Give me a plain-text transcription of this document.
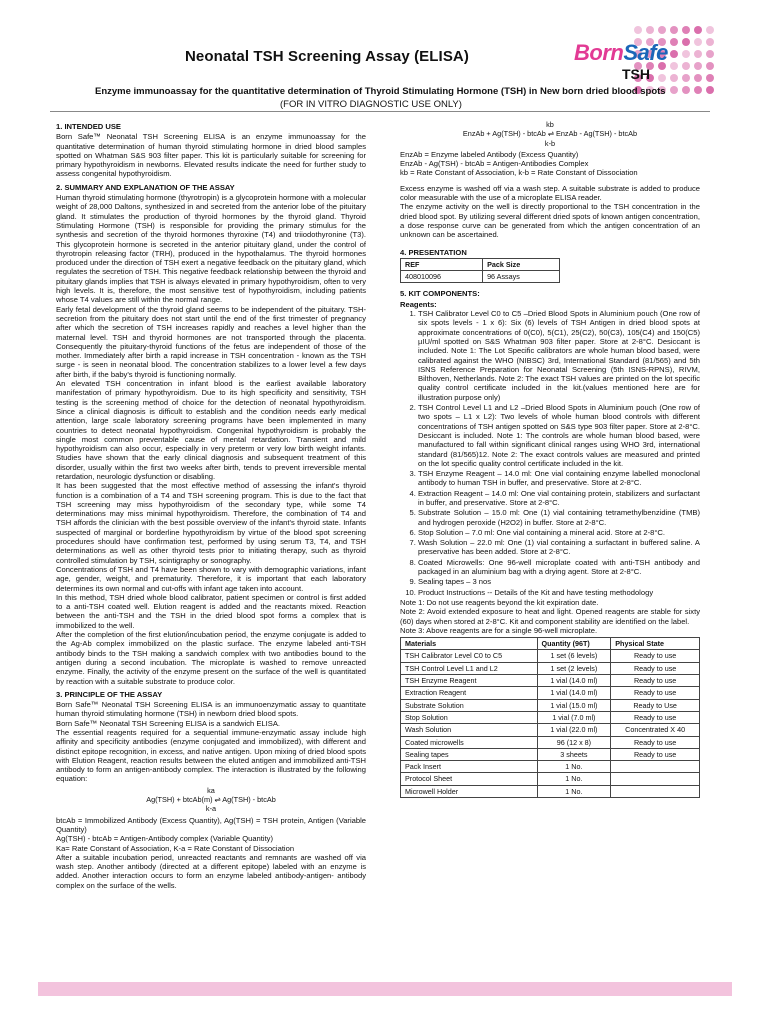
Neonatal TSH Screening Assay (ELISA)	BornSafe
TSH
Enzyme immunoassay for the quantitative determination of Thyroid Stimulating Hormone (TSH) in New born dried blood spots
(FOR IN VITRO DIAGNOSTIC USE ONLY)
1. INTENDED USE

Born Safe™ Neonatal TSH Screening ELISA is an enzyme immunoassay for the quantitative determination of human thyroid stimulating hormone in dried blood samples spotted on Whatman S&S 903 filter paper. This kit is particularly suitable for screening for primary hypothyroidism in newborns. Elevated results indicate the need for further study to assess congenital hypothyroidism.

2. SUMMARY AND EXPLANATION OF THE ASSAY

Human thyroid stimulating hormone (thyrotropin) is a glycoprotein hormone with a molecular weight of 28,000 Daltons, synthesized in and secreted from the anterior lobe of the pituitary gland. It stimulates the production of thyroid hormones by the thyroid gland. Thyroid Stimulating Hormone (TSH) is responsible for providing the primary stimulus for the synthesis and secretion of the thyroid hormones thyroxine (T4) and triiodothyronine (T3). This glycoprotein hormone is secreted in the anterior pituitary gland, under the control of thyrotropin releasing factor (TRH), produced in the hypothalamus. The thyroid hormones produced under the direction of TSH exert a negative feedback on the pituitary gland, which regulates the secretion of TSH. This negative feedback relationship between the thyroid and pituitary glands implies that TSH is always elevated in primary hypothyroidism, often to very high levels. It is, therefore, the most sensitive test of hypothyroidism, including patients whose T4 values are still within the normal range.

Early fetal development of the thyroid gland seems to be independent of the pituitary. TSH-secretion from the pituitary does not start until the end of the first trimester of pregnancy after which the secretion of TSH increases rapidly and reaches a level higher than the maternal level. TSH and thyroid hormones are not transported through the placenta. Consequently the pituitary-thyroid functions of the fetus are independent of those of the mother. Immediately after birth a rapid increase in TSH concentration - known as the TSH surge - is seen in neonatal blood. The concentration stabilizes to a lower level a few days after birth, if the baby's thyroid is functioning normally.

An elevated TSH concentration in infant blood is the earliest available laboratory manifestation of primary hypothyroidism. Due to its high specificity and sensitivity, TSH testing is the screening method of choice for the detection of neonatal hypothyroidism. Since a clinical diagnosis is difficult to establish and the condition needs early medical attention, large scale laboratory screening programs have been implemented in many countries to detect neonatal hypothyroidism. Congenital hypothyroidism is probably the single most common preventable cause of mental retardation. Transient and mild hypothyroidism can also occur, especially in very preterm or very low birth weight infants. Studies have shown that the early clinical diagnosis and subsequent treatment of this disorder, usually within the first two weeks after birth, tends to prevent irreversible mental retardation, neurologic dysfunction or disabling.

It has been suggested that the most effective method of assessing the infant's thyroid function is a combination of a T4 and TSH screening program. This is due to the fact that TSH screening may miss hypothyroidism of the secondary type, while some T4 determinations may miss minimal hypothyroidism. Therefore, the combination of T4 and TSH affords the clinician with the best possible overview of the infant's thyroid state. Infants suspected of marginal or borderline hypothyroidism by virtue of the blood spot screening procedures should have confirmation test, performed by using serum T3, T4, and TSH determinations as well as other thyroid tests prior to initiating therapy, such as thyroid controlled stimulation by TSH, scintigraphy or sonography.

Concentrations of TSH and T4 have been shown to vary with demographic variations, infant age, gender, weight, and prematurity. Therefore, it is important that each laboratory determines its own normal and cut-offs with infant age taken into account.

In this method, TSH dried whole blood calibrator, patient specimen or control is first added to a anti-TSH coated well. Elution reagent is added and the reactants mixed. Reaction between the anti-TSH and the TSH in the dried blood spot forms a complex that is immobilized to the well.

After the completion of the first elution/incubation period, the enzyme conjugate is added to the Ag-Ab complex immobilized on the plastic surface. The enzyme labeled anti-TSH antibody binds to the TSH making a sandwich complex with two antibodies bound to the antigen during a second incubation. The microplate is washed to remove unreacted enzyme. Finally, the activity of the enzyme present on the surface of the well is quantitated by reaction with a suitable substrate to produce color.

3. PRINCIPLE OF THE ASSAY

Born Safe™ Neonatal TSH Screening ELISA is an immunoenzymatic assay to quantitate human thyroid stimulating hormone (TSH) in newborn dried blood spots.

Born Safe™ Neonatal TSH Screening ELISA is a sandwich ELISA.

The essential reagents required for a sequential immune-enzymatic assay include high affinity and specificity antibodies (enzyme conjugated and immobilized), with different and distinct epitope recognition, in excess, and native antigen. Upon mixing of dried blood spots with Elution Reagent, reaction results between the eluted antigen and immobilized anti-TSH antibody to form an antigen-antibody complex. The interaction is illustrated by the following equation:

ka
Ag(TSH) + btcAb(m) ⇌ Ag(TSH) - btcAb
k-a

btcAb = Immobilized Antibody (Excess Quantity), Ag(TSH) = TSH protein, Antigen (Variable Quantity)

Ag(TSH) - btcAb = Antigen-Antibody complex (Variable Quantity)

Ka= Rate Constant of Association, K-a = Rate Constant of Dissociation

After a suitable incubation period, unreacted reactants and remnants are washed off via wash step. Another antibody (directed at a different epitope) labeled with an enzyme is added. Another interaction occurs to form an enzyme labeled antibody-antigen- antibody complex on the surface of the wells.

kb
EnzAb + Ag(TSH) - btcAb ⇌ EnzAb - Ag(TSH) - btcAb
k-b

EnzAb = Enzyme labeled Antibody (Excess Quantity)

EnzAb - Ag(TSH) - btcAb = Antigen-Antibodies Complex

kb = Rate Constant of Association, k-b = Rate Constant of Dissociation

Excess enzyme is washed off via a wash step. A suitable substrate is added to produce color measurable with the use of a microplate ELISA reader.

The enzyme activity on the well is directly proportional to the TSH concentration in the dried blood spot. By utilizing several different dried spots of known antigen concentration, a dose response curve can be generated from which the antigen concentration of an unknown can be ascertained.

4. PRESENTATION
REF	Pack Size
408010096	96 Assays
5. KIT COMPONENTS:
Reagents:
1. TSH Calibrator Level C0 to C5 –Dried Blood Spots in Aluminium pouch (One row of six spots levels - 1 x 6): Six (6) levels of TSH Antigen in dried blood spots at approximate concentrations of 0(C0), 5(C1), 25(C2), 50(C3), 105(C4) and 150(C5) µIU/ml spotted on S&S Whatman 903 filter paper. Store at 2-8°C. Desiccant is included. Note 1: The Lot Specific calibrators are whole human blood based, were calibrated against the WHO (NIBSC) 3rd, International Standard (81/565) and 5th ISNS Reference Preparation for Neonatal Screening (5th ISNS-RPNS), RIVM, Bilthoven, Netherlands. Note 2: The exact TSH values are printed on the lot specific quality control certificate included in the kit.(values mentioned here are for illustration purpose only)
2. TSH Control Level L1 and L2 –Dried Blood Spots in Aluminium pouch (One row of two spots – L1 x L2): Two levels of whole human blood controls with different concentrations of TSH antigen spotted on S&S type 903 filter paper. Store at 2-8°C. Desiccant is included. Note 1: The controls are whole human blood based, were manufactured to fall within significant clinical ranges using WHO 3rd, international standard (81/565)12. Note 2: The exact controls values are measured and printed on the lot specific quality control certificate included in the kit.
3. TSH Enzyme Reagent – 14.0 ml: One vial containing enzyme labelled monoclonal antibody to human TSH in buffer, and preservative. Store at 2-8°C.
4. Extraction Reagent – 14.0 ml: One vial containing protein, stabilizers and surfactant in buffer, and preservative. Store at 2-8°C.
5. Substrate Solution – 15.0 ml: One (1) vial containing tetramethylbenzidine (TMB) and hydrogen peroxide (H2O2) in buffer. Store at 2-8°C.
6. Stop Solution – 7.0 ml: One vial containing a mineral acid. Store at 2-8°C.
7. Wash Solution – 22.0 ml: One (1) vial containing a surfactant in buffered saline. A preservative has been added. Store at 2-8°C.
8. Coated Microwells: One 96-well microplate coated with anti-TSH antibody and packaged in an aluminium bag with a drying agent. Store at 2-8°C.
9. Sealing tapes – 3 nos
10. Product Instructions -- Details of the Kit and have testing methodology

Note 1: Do not use reagents beyond the kit expiration date.

Note 2: Avoid extended exposure to heat and light. Opened reagents are stable for sixty (60) days when stored at 2-8°C. Kit and component stability are identified on the label.

Note 3: Above reagents are for a single 96-well microplate.

Materials	Quantity (96T)	Physical State
TSH Calibrator Level C0 to C5	1 set (6 levels)	Ready to use
TSH Control Level L1 and L2	1 set (2 levels)	Ready to use
TSH Enzyme Reagent	1 vial (14.0 ml)	Ready to use
Extraction Reagent	1 vial (14.0 ml)	Ready to use
Substrate Solution	1 vial (15.0 ml)	Ready to Use
Stop Solution	1 vial (7.0 ml)	Ready to use
Wash Solution	1 vial (22.0 ml)	Concentrated X 40
Coated microwells	96 (12 x 8)	Ready to use
Sealing tapes	3 sheets	Ready to use
Pack Insert	1 No.	
Protocol Sheet	1 No.	
Microwell Holder	1 No.	
